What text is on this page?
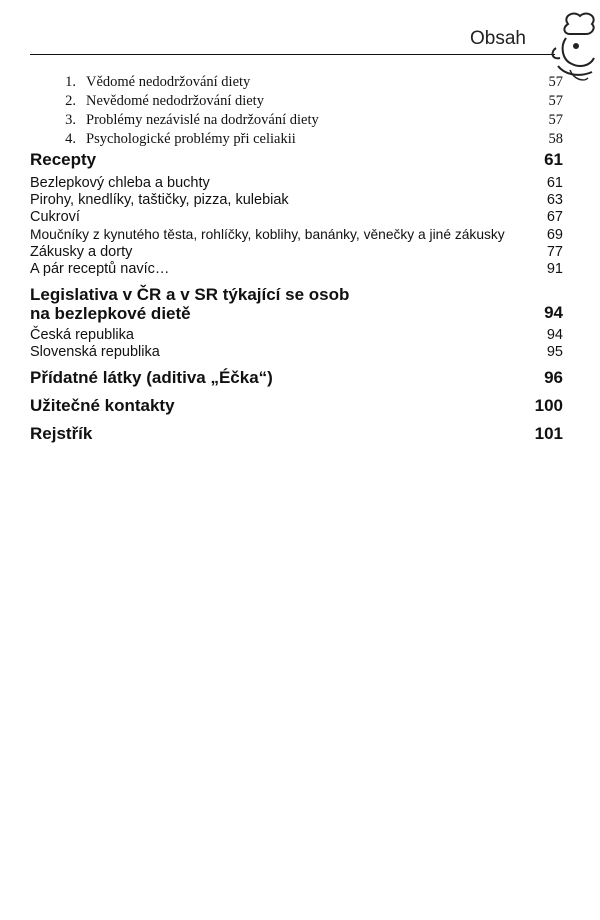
Obsah
1. Vědomé nedodržování diety	57
2. Nevědomé nedodržování diety	57
3. Problémy nezávislé na dodržování diety	57
4. Psychologické problémy při celiakii	58
Recepty	61
Bezlepkový chleba a buchty	61
Pirohy, knedlíky, taštičky, pizza, kulebiak	63
Cukroví	67
Moučníky z kynutého těsta, rohlíčky, koblihy, banánky, věnečky a jiné zákusky	69
Zákusky a dorty	77
A pár receptů navíc…	91
Legislativa v ČR a v SR týkající se osob
na bezlepkové dietě	94
Česká republika	94
Slovenská republika	95
Přídatné látky (aditiva „Éčka“)	96
Užitečné kontakty	100
Rejstřík	101
